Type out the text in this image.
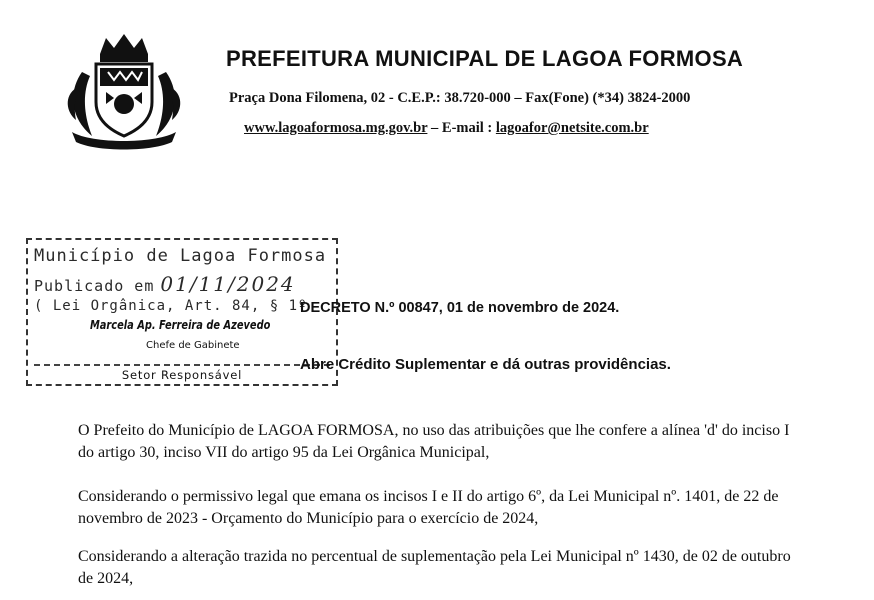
PREFEITURA MUNICIPAL DE LAGOA FORMOSA
Praça Dona Filomena, 02 - C.E.P.: 38.720-000 – Fax(Fone) (*34) 3824-2000
www.lagoaformosa.mg.gov.br – E-mail : lagoafor@netsite.com.br
Município de Lagoa Formosa
Publicado em 01/11/2024
( Lei Orgânica, Art. 84, § 1º
Marcela Ap. Ferreira de Azevedo
Chefe de Gabinete
Setor Responsável
DECRETO N.º 00847, 01 de novembro de 2024.
Abre Crédito Suplementar e dá outras providências.

O Prefeito do Município de LAGOA FORMOSA, no uso das atribuições que lhe confere a alínea 'd' do inciso I do artigo 30, inciso VII do artigo 95 da Lei Orgânica Municipal,

Considerando o permissivo legal que emana os incisos I e II do artigo 6º, da Lei Municipal nº. 1401, de 22 de novembro de 2023 - Orçamento do Município para o exercício de 2024,

Considerando a alteração trazida no percentual de suplementação pela Lei Municipal nº 1430, de 02 de outubro de 2024,
